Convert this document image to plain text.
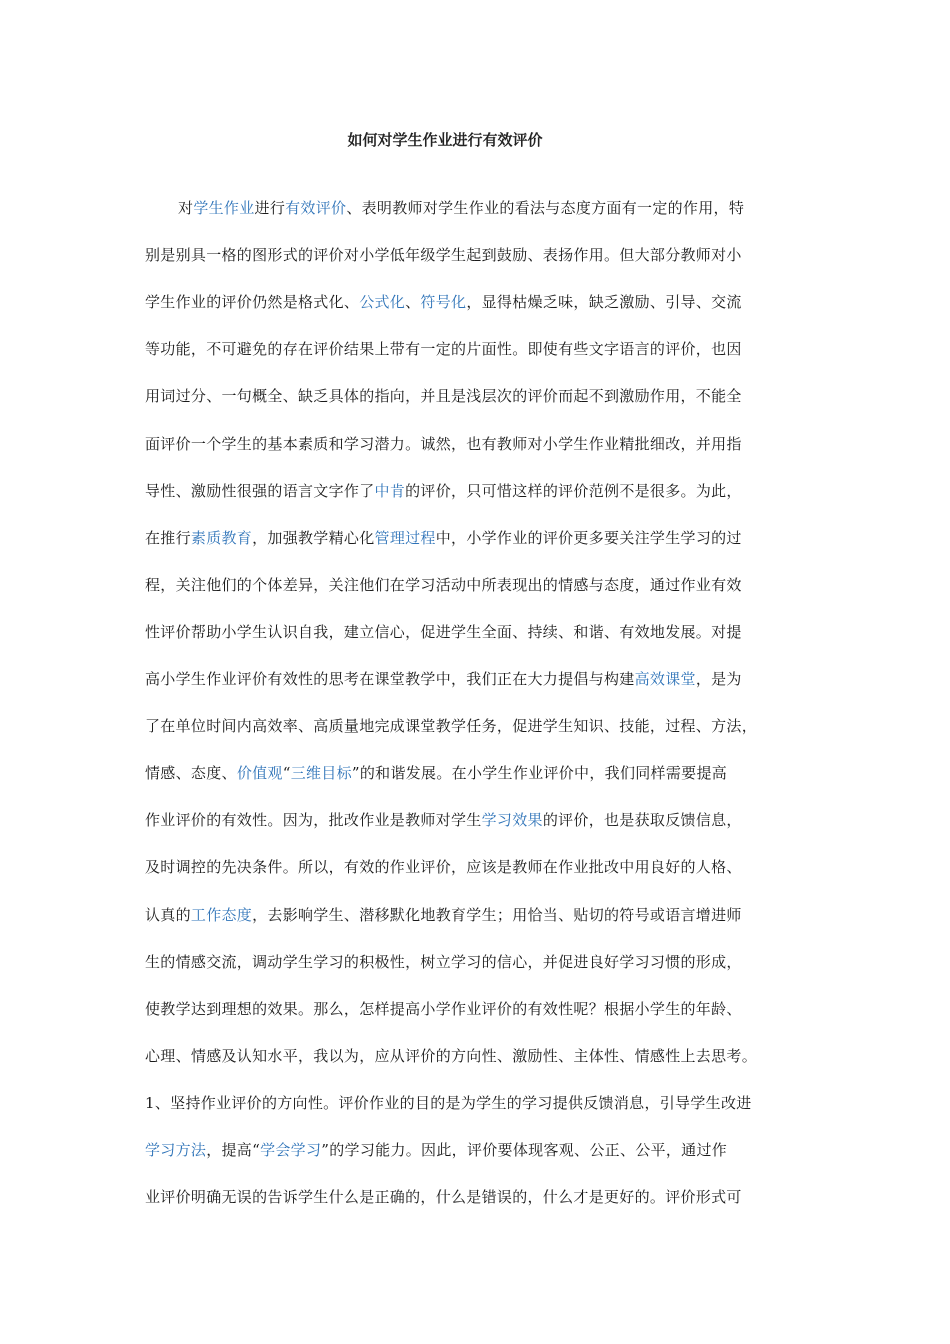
如何对学生作业进行有效评价
对学生作业进行有效评价、表明教师对学生作业的看法与态度方面有一定的作用，特
别是别具一格的图形式的评价对小学低年级学生起到鼓励、表扬作用。但大部分教师对小
学生作业的评价仍然是格式化、公式化、符号化，显得枯燥乏味，缺乏激励、引导、交流
等功能，不可避免的存在评价结果上带有一定的片面性。即使有些文字语言的评价，也因
用词过分、一句概全、缺乏具体的指向，并且是浅层次的评价而起不到激励作用，不能全
面评价一个学生的基本素质和学习潜力。诚然，也有教师对小学生作业精批细改，并用指
导性、激励性很强的语言文字作了中肯的评价，只可惜这样的评价范例不是很多。为此，
在推行素质教育，加强教学精心化管理过程中，小学作业的评价更多要关注学生学习的过
程，关注他们的个体差异，关注他们在学习活动中所表现出的情感与态度，通过作业有效
性评价帮助小学生认识自我，建立信心，促进学生全面、持续、和谐、有效地发展。对提
高小学生作业评价有效性的思考在课堂教学中，我们正在大力提倡与构建高效课堂，是为
了在单位时间内高效率、高质量地完成课堂教学任务，促进学生知识、技能，过程、方法，
情感、态度、价值观“三维目标”的和谐发展。在小学生作业评价中，我们同样需要提高
作业评价的有效性。因为，批改作业是教师对学生学习效果的评价，也是获取反馈信息，
及时调控的先决条件。所以，有效的作业评价，应该是教师在作业批改中用良好的人格、
认真的工作态度，去影响学生、潜移默化地教育学生；用恰当、贴切的符号或语言增进师
生的情感交流，调动学生学习的积极性，树立学习的信心，并促进良好学习习惯的形成，
使教学达到理想的效果。那么，怎样提高小学作业评价的有效性呢？根据小学生的年龄、
心理、情感及认知水平，我以为，应从评价的方向性、激励性、主体性、情感性上去思考。
1、坚持作业评价的方向性。评价作业的目的是为学生的学习提供反馈消息，引导学生改进
学习方法，提高“学会学习”的学习能力。因此，评价要体现客观、公正、公平，通过作
业评价明确无误的告诉学生什么是正确的，什么是错误的，什么才是更好的。评价形式可
